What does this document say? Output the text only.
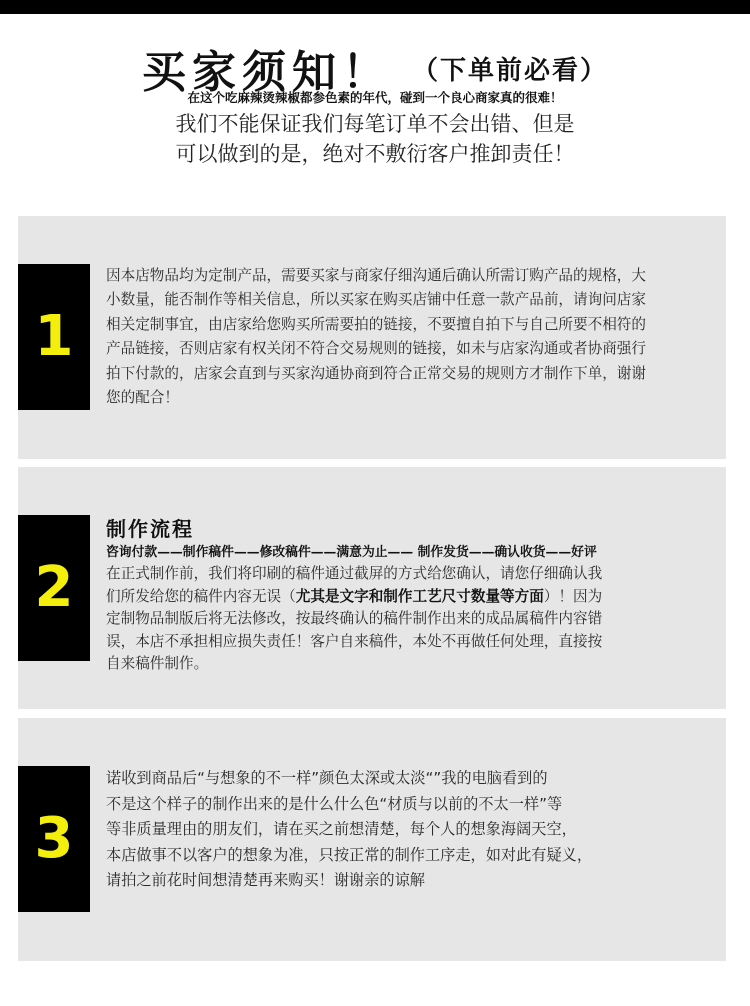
买家须知！ （下单前必看）
在这个吃麻辣烫辣椒都参色素的年代，碰到一个良心商家真的很难！
我们不能保证我们每笔订单不会出错、但是
可以做到的是，绝对不敷衍客户推卸责任！
1
因本店物品均为定制产品，需要买家与商家仔细沟通后确认所需订购产品的规格，大
小数量，能否制作等相关信息，所以买家在购买店铺中任意一款产品前，请询问店家
相关定制事宜，由店家给您购买所需要拍的链接，不要擅自拍下与自己所要不相符的
产品链接，否则店家有权关闭不符合交易规则的链接，如未与店家沟通或者协商强行
拍下付款的，店家会直到与买家沟通协商到符合正常交易的规则方才制作下单，谢谢
您的配合！
2
制作流程
咨询付款——制作稿件——修改稿件——满意为止—— 制作发货——确认收货——好评
在正式制作前，我们将印刷的稿件通过截屏的方式给您确认，请您仔细确认我
们所发给您的稿件内容无误（尤其是文字和制作工艺尺寸数量等方面）！因为
定制物品制版后将无法修改，按最终确认的稿件制作出来的成品属稿件内容错
误，本店不承担相应损失责任！客户自来稿件，本处不再做任何处理，直接按
自来稿件制作。
3
诺收到商品后“与想象的不一样”颜色太深或太淡“”我的电脑看到的
不是这个样子的制作出来的是什么什么色“材质与以前的不太一样”等
等非质量理由的朋友们，请在买之前想清楚，每个人的想象海阔天空，
本店做事不以客户的想象为准，只按正常的制作工序走，如对此有疑义，
请拍之前花时间想清楚再来购买！谢谢亲的谅解
